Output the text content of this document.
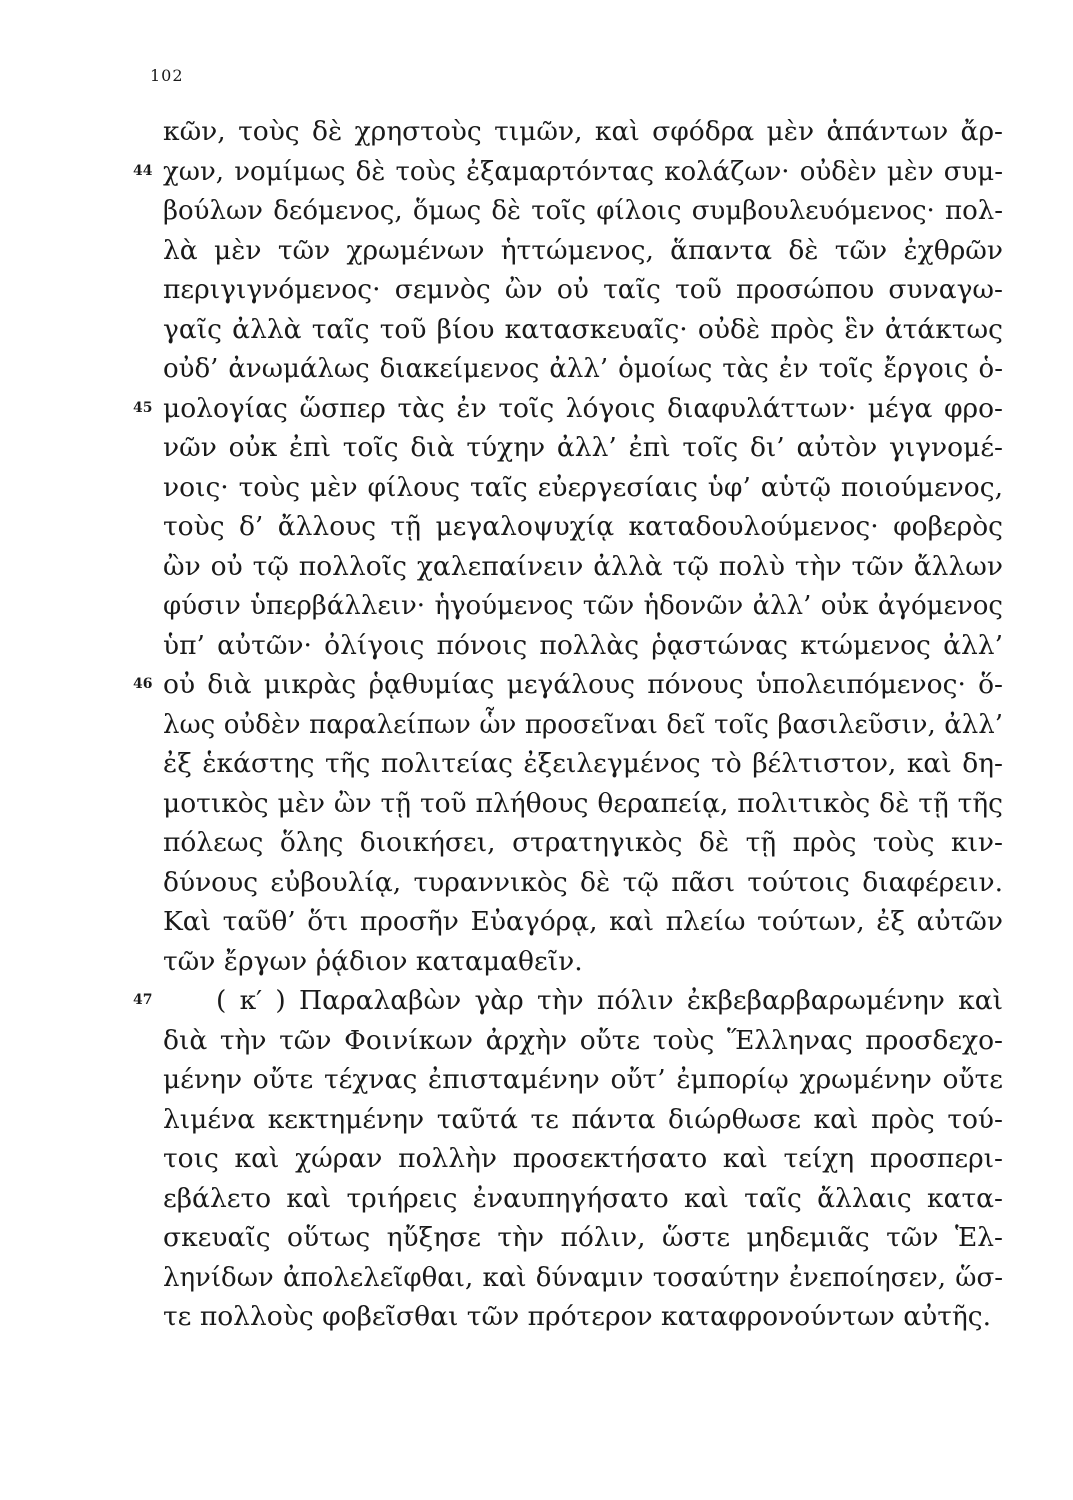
102
κῶν, τοὺς δὲ χρηστοὺς τιμῶν, καὶ σφόδρα μὲν ἁπάντων ἄρ-
44 χων, νομίμως δὲ τοὺς ἐξαμαρτόντας κολάζων· οὐδὲν μὲν συμ-
βούλων δεόμενος, ὅμως δὲ τοῖς φίλοις συμβουλευόμενος· πολ-
λὰ μὲν τῶν χρωμένων ἡττώμενος, ἅπαντα δὲ τῶν ἐχθρῶν
περιγιγνόμενος· σεμνὸς ὢν οὐ ταῖς τοῦ προσώπου συναγω-
γαῖς ἀλλὰ ταῖς τοῦ βίου κατασκευαῖς· οὐδὲ πρὸς ἓν ἀτάκτως
οὐδ’ ἀνωμάλως διακείμενος ἀλλ’ ὁμοίως τὰς ἐν τοῖς ἔργοις ὁ-
45 μολογίας ὥσπερ τὰς ἐν τοῖς λόγοις διαφυλάττων· μέγα φρο-
νῶν οὐκ ἐπὶ τοῖς διὰ τύχην ἀλλ’ ἐπὶ τοῖς δι’ αὐτὸν γιγνομέ-
νοις· τοὺς μὲν φίλους ταῖς εὐεργεσίαις ὑφ’ αὑτῷ ποιούμενος,
τοὺς δ’ ἄλλους τῇ μεγαλοψυχίᾳ καταδουλούμενος· φοβερὸς
ὢν οὐ τῷ πολλοῖς χαλεπαίνειν ἀλλὰ τῷ πολὺ τὴν τῶν ἄλλων
φύσιν ὑπερβάλλειν· ἡγούμενος τῶν ἡδονῶν ἀλλ’ οὐκ ἀγόμενος
ὑπ’ αὐτῶν· ὀλίγοις πόνοις πολλὰς ῥᾳστώνας κτώμενος ἀλλ’
46 οὐ διὰ μικρὰς ῥᾳθυμίας μεγάλους πόνους ὑπολειπόμενος· ὅ-
λως οὐδὲν παραλείπων ὧν προσεῖναι δεῖ τοῖς βασιλεῦσιν, ἀλλ’
ἐξ ἑκάστης τῆς πολιτείας ἐξειλεγμένος τὸ βέλτιστον, καὶ δη-
μοτικὸς μὲν ὢν τῇ τοῦ πλήθους θεραπείᾳ, πολιτικὸς δὲ τῇ τῆς
πόλεως ὅλης διοικήσει, στρατηγικὸς δὲ τῇ πρὸς τοὺς κιν-
δύνους εὐβουλίᾳ, τυραννικὸς δὲ τῷ πᾶσι τούτοις διαφέρειν.
Καὶ ταῦθ’ ὅτι προσῆν Εὐαγόρᾳ, καὶ πλείω τούτων, ἐξ αὐτῶν
τῶν ἔργων ῥᾴδιον καταμαθεῖν.
47 ( κ′ ) Παραλαβὼν γὰρ τὴν πόλιν ἐκβεβαρβαρωμένην καὶ
διὰ τὴν τῶν Φοινίκων ἀρχὴν οὔτε τοὺς Ἕλληνας προσδεχο-
μένην οὔτε τέχνας ἐπισταμένην οὔτ’ ἐμπορίῳ χρωμένην οὔτε
λιμένα κεκτημένην ταῦτά τε πάντα διώρθωσε καὶ πρὸς τού-
τοις καὶ χώραν πολλὴν προσεκτήσατο καὶ τείχη προσπερι-
εβάλετο καὶ τριήρεις ἐναυπηγήσατο καὶ ταῖς ἄλλαις κατα-
σκευαῖς οὕτως ηὔξησε τὴν πόλιν, ὥστε μηδεμιᾶς τῶν Ἑλ-
ληνίδων ἀπολελεῖφθαι, καὶ δύναμιν τοσαύτην ἐνεποίησεν, ὥσ-
τε πολλοὺς φοβεῖσθαι τῶν πρότερον καταφρονούντων αὐτῆς.
